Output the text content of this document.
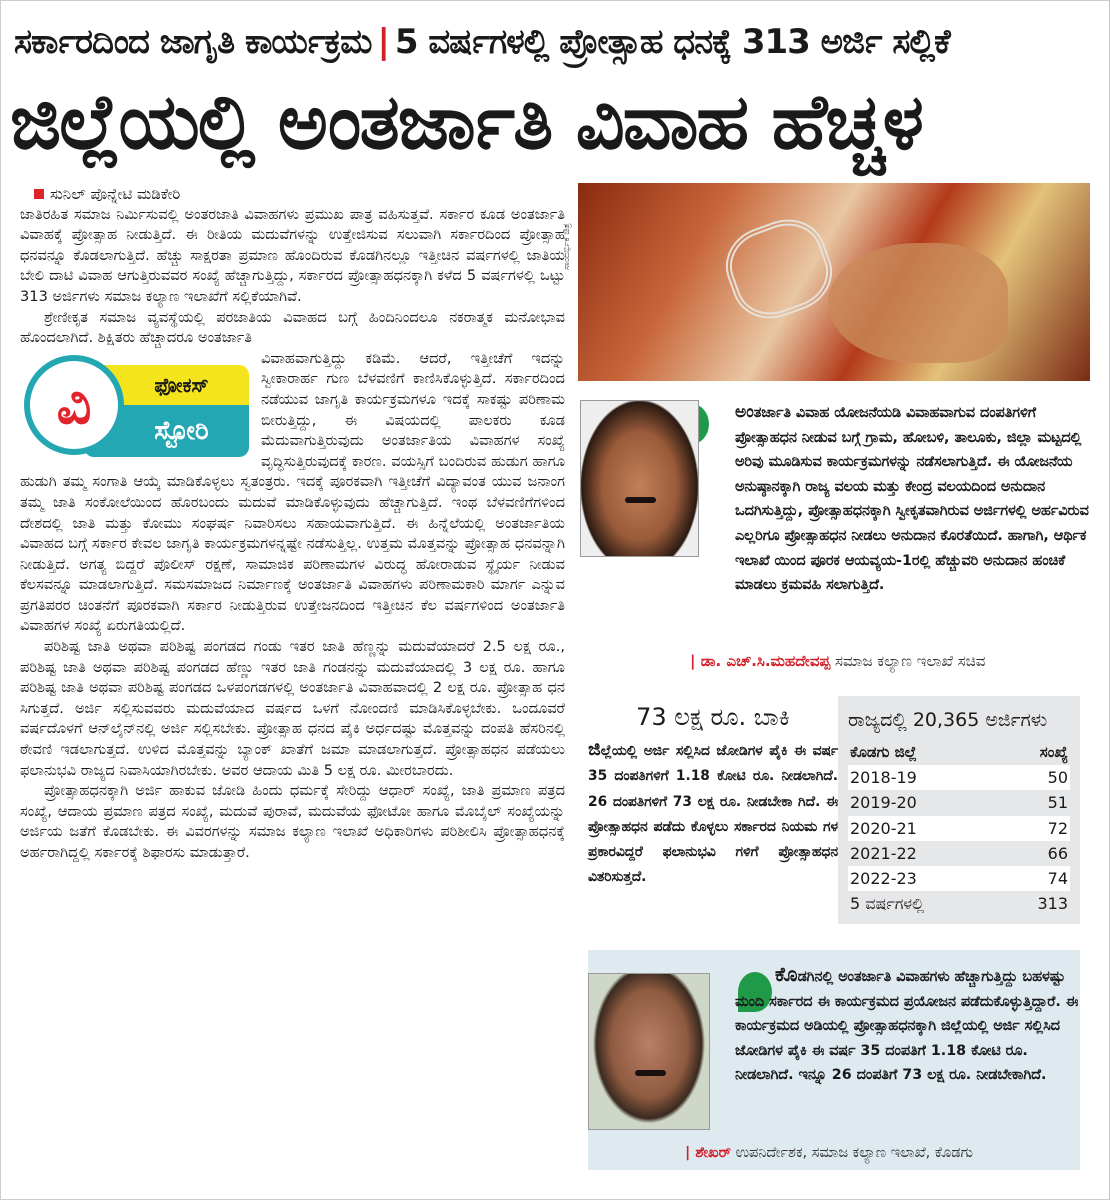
ಸರ್ಕಾರದಿಂದ ಜಾಗೃತಿ ಕಾರ್ಯಕ್ರಮ | 5 ವರ್ಷಗಳಲ್ಲಿ ಪ್ರೋತ್ಸಾಹ ಧನಕ್ಕೆ 313 ಅರ್ಜಿ ಸಲ್ಲಿಕೆ
ಜಿಲ್ಲೆಯಲ್ಲಿ ಅಂತರ್ಜಾತಿ ವಿವಾಹ ಹೆಚ್ಚಳ
ಸುನಿಲ್ ಪೊನ್ನೇಟಿ ಮಡಿಕೇರಿ

ಜಾತಿರಹಿತ ಸಮಾಜ ನಿರ್ಮಿಸುವಲ್ಲಿ ಅಂತರಜಾತಿ ವಿವಾಹಗಳು ಪ್ರಮುಖ ಪಾತ್ರ ವಹಿಸುತ್ತವೆ. ಸರ್ಕಾರ ಕೂಡ ಅಂತರ್ಜಾತಿ ವಿವಾಹಕ್ಕೆ ಪ್ರೋತ್ಸಾಹ ನೀಡುತ್ತಿದೆ. ಈ ರೀತಿಯ ಮದುವೆಗಳನ್ನು ಉತ್ತೇಜಿಸುವ ಸಲುವಾಗಿ ಸರ್ಕಾರದಿಂದ ಪ್ರೋತ್ಸಾಹ ಧನವನ್ನೂ ಕೊಡಲಾಗುತ್ತಿದೆ. ಹೆಚ್ಚು ಸಾಕ್ಷರತಾ ಪ್ರಮಾಣ ಹೊಂದಿರುವ ಕೊಡಗಿನಲ್ಲೂ ಇತ್ತೀಚಿನ ವರ್ಷಗಳಲ್ಲಿ ಜಾತಿಯ ಬೇಲಿ ದಾಟಿ ವಿವಾಹ ಆಗುತ್ತಿರುವವರ ಸಂಖ್ಯೆ ಹೆಚ್ಚಾಗುತ್ತಿದ್ದು, ಸರ್ಕಾರದ ಪ್ರೋತ್ಸಾಹಧನಕ್ಕಾಗಿ ಕಳೆದ 5 ವರ್ಷಗಳಲ್ಲಿ ಒಟ್ಟು 313 ಅರ್ಜಿಗಳು ಸಮಾಜ ಕಲ್ಯಾಣ ಇಲಾಖೆಗೆ ಸಲ್ಲಿಕೆಯಾಗಿವೆ.

ಶ್ರೇಣೀಕೃತ ಸಮಾಜ ವ್ಯವಸ್ಥೆಯಲ್ಲಿ ಪರಜಾತಿಯ ವಿವಾಹದ ಬಗ್ಗೆ ಹಿಂದಿನಿಂದಲೂ ನಕರಾತ್ಮಕ ಮನೋಭಾವ ಹೊಂದಲಾಗಿದೆ. ಶಿಕ್ಷಿತರು ಹೆಚ್ಚಾದರೂ ಅಂತರ್ಜಾತಿ

ಫೋಕಸ್
ಸ್ಟೋರಿ
ವಿ

ವಿವಾಹವಾಗುತ್ತಿದ್ದು ಕಡಿಮೆ. ಆದರೆ, ಇತ್ತೀಚೆಗೆ ಇದನ್ನು ಸ್ವೀಕಾರಾರ್ಹ ಗುಣ ಬೆಳವಣಿಗೆ ಕಾಣಿಸಿಕೊಳ್ಳುತ್ತಿದೆ. ಸರ್ಕಾರದಿಂದ ನಡೆಯುವ ಜಾಗೃತಿ ಕಾರ್ಯಕ್ರಮಗಳೂ ಇದಕ್ಕೆ ಸಾಕಷ್ಟು ಪರಿಣಾಮ ಬೀರುತ್ತಿದ್ದು, ಈ ವಿಷಯದಲ್ಲಿ ಪಾಲಕರು ಕೂಡ ಮೆದುವಾಗುತ್ತಿರುವುದು ಅಂತರ್ಜಾತಿಯ ವಿವಾಹಗಳ ಸಂಖ್ಯೆ ವೃದ್ಧಿಸುತ್ತಿರುವುದಕ್ಕೆ ಕಾರಣ. ವಯಸ್ಸಿಗೆ ಬಂದಿರುವ ಹುಡುಗ ಹಾಗೂ ಹುಡುಗಿ ತಮ್ಮ ಸಂಗಾತಿ ಆಯ್ಕೆ ಮಾಡಿಕೊಳ್ಳಲು ಸ್ವತಂತ್ರರು. ಇದಕ್ಕೆ ಪೂರಕವಾಗಿ ಇತ್ತೀಚೆಗೆ ವಿದ್ಯಾವಂತ ಯುವ ಜನಾಂಗ ತಮ್ಮ ಜಾತಿ ಸಂಕೋಲೆಯಿಂದ ಹೊರಬಂದು ಮದುವೆ ಮಾಡಿಕೊಳ್ಳುವುದು ಹೆಚ್ಚಾಗುತ್ತಿದೆ. ಇಂಥ ಬೆಳವಣಿಗೆಗಳಿಂದ ದೇಶದಲ್ಲಿ ಜಾತಿ ಮತ್ತು ಕೋಮು ಸಂಘರ್ಷ ನಿವಾರಿಸಲು ಸಹಾಯವಾಗುತ್ತಿದೆ. ಈ ಹಿನ್ನೆಲೆಯಲ್ಲಿ ಅಂತರ್ಜಾತಿಯ ವಿವಾಹದ ಬಗ್ಗೆ ಸರ್ಕಾರ ಕೇವಲ ಜಾಗೃತಿ ಕಾರ್ಯಕ್ರಮಗಳನ್ನಷ್ಟೇ ನಡೆಸುತ್ತಿಲ್ಲ. ಉತ್ತಮ ಮೊತ್ತವನ್ನು ಪ್ರೋತ್ಸಾಹ ಧನವನ್ನಾಗಿ ನೀಡುತ್ತಿದೆ. ಅಗತ್ಯ ಬಿದ್ದರೆ ಪೊಲೀಸ್ ರಕ್ಷಣೆ, ಸಾಮಾಜಿಕ ಪರಿಣಾಮಗಳ ವಿರುದ್ಧ ಹೋರಾಡುವ ಸ್ಥೈರ್ಯ ನೀಡುವ ಕೆಲಸವನ್ನೂ ಮಾಡಲಾಗುತ್ತಿದೆ. ಸಮಸಮಾಜದ ನಿರ್ಮಾಣಕ್ಕೆ ಅಂತರ್ಜಾತಿ ವಿವಾಹಗಳು ಪರಿಣಾಮಕಾರಿ ಮಾರ್ಗ ಎನ್ನುವ ಪ್ರಗತಿಪರರ ಚಿಂತನೆಗೆ ಪೂರಕವಾಗಿ ಸರ್ಕಾರ ನೀಡುತ್ತಿರುವ ಉತ್ತೇಜನದಿಂದ ಇತ್ತೀಚಿನ ಕೆಲ ವರ್ಷಗಳಿಂದ ಅಂತರ್ಜಾತಿ ವಿವಾಹಗಳ ಸಂಖ್ಯೆ ಏರುಗತಿಯಲ್ಲಿದೆ.

ಪರಿಶಿಷ್ಟ ಜಾತಿ ಅಥವಾ ಪರಿಶಿಷ್ಟ ಪಂಗಡದ ಗಂಡು ಇತರ ಜಾತಿ ಹೆಣ್ಣನ್ನು ಮದುವೆಯಾದರೆ 2.5 ಲಕ್ಷ ರೂ., ಪರಿಶಿಷ್ಟ ಜಾತಿ ಅಥವಾ ಪರಿಶಿಷ್ಟ ಪಂಗಡದ ಹೆಣ್ಣು ಇತರ ಜಾತಿ ಗಂಡನನ್ನು ಮದುವೆಯಾದಲ್ಲಿ 3 ಲಕ್ಷ ರೂ. ಹಾಗೂ ಪರಿಶಿಷ್ಟ ಜಾತಿ ಅಥವಾ ಪರಿಶಿಷ್ಟ ಪಂಗಡದ ಒಳಪಂಗಡಗಳಲ್ಲಿ ಅಂತರ್ಜಾತಿ ವಿವಾಹವಾದಲ್ಲಿ 2 ಲಕ್ಷ ರೂ. ಪ್ರೋತ್ಸಾಹ ಧನ ಸಿಗುತ್ತದೆ. ಅರ್ಜಿ ಸಲ್ಲಿಸುವವರು ಮದುವೆಯಾದ ವರ್ಷದ ಒಳಗೆ ನೋಂದಣಿ ಮಾಡಿಸಿಕೊಳ್ಳಬೇಕು. ಒಂದೂವರೆ ವರ್ಷದೊಳಗೆ ಆನ್‌ಲೈನ್‌ನಲ್ಲಿ ಅರ್ಜಿ ಸಲ್ಲಿಸಬೇಕು. ಪ್ರೋತ್ಸಾಹ ಧನದ ಪೈಕಿ ಅರ್ಧದಷ್ಟು ಮೊತ್ತವನ್ನು ದಂಪತಿ ಹೆಸರಿನಲ್ಲಿ ಠೇವಣಿ ಇಡಲಾಗುತ್ತದೆ. ಉಳಿದ ಮೊತ್ತವನ್ನು ಬ್ಯಾಂಕ್ ಖಾತೆಗೆ ಜಮಾ ಮಾಡಲಾಗುತ್ತದೆ. ಪ್ರೋತ್ಸಾಹಧನ ಪಡೆಯಲು ಫಲಾನುಭವಿ ರಾಜ್ಯದ ನಿವಾಸಿಯಾಗಿರಬೇಕು. ಅವರ ಆದಾಯ ಮಿತಿ 5 ಲಕ್ಷ ರೂ. ಮೀರಬಾರದು.

ಪ್ರೋತ್ಸಾಹಧನಕ್ಕಾಗಿ ಅರ್ಜಿ ಹಾಕುವ ಜೋಡಿ ಹಿಂದು ಧರ್ಮಕ್ಕೆ ಸೇರಿದ್ದು ಆಧಾರ್ ಸಂಖ್ಯೆ, ಜಾತಿ ಪ್ರಮಾಣ ಪತ್ರದ ಸಂಖ್ಯೆ, ಆದಾಯ ಪ್ರಮಾಣ ಪತ್ರದ ಸಂಖ್ಯೆ, ಮದುವೆ ಪುರಾವೆ, ಮದುವೆಯ ಫೋಟೋ ಹಾಗೂ ಮೊಬೈಲ್ ಸಂಖ್ಯೆಯನ್ನು ಅರ್ಜಿಯ ಜತೆಗೆ ಕೊಡಬೇಕು. ಈ ವಿವರಗಳನ್ನು ಸಮಾಜ ಕಲ್ಯಾಣ ಇಲಾಖೆ ಅಧಿಕಾರಿಗಳು ಪರಿಶೀಲಿಸಿ ಪ್ರೋತ್ಸಾಹಧನಕ್ಕೆ ಅರ್ಹರಾಗಿದ್ದಲ್ಲಿ ಸರ್ಕಾರಕ್ಕೆ ಶಿಫಾರಸು ಮಾಡುತ್ತಾರೆ.

ಸಾಂದರ್ಭಿಕ ಚಿತ್ರ
ಅಂತರ್ಜಾತಿ ವಿವಾಹ ಯೋಜನೆಯಡಿ ವಿವಾಹವಾಗುವ ದಂಪತಿಗಳಿಗೆ ಪ್ರೋತ್ಸಾಹಧನ ನೀಡುವ ಬಗ್ಗೆ ಗ್ರಾಮ, ಹೋಬಳಿ, ತಾಲೂಕು, ಜಿಲ್ಲಾ ಮಟ್ಟದಲ್ಲಿ ಅರಿವು ಮೂಡಿಸುವ ಕಾರ್ಯಕ್ರಮಗಳನ್ನು ನಡೆಸಲಾಗುತ್ತಿದೆ. ಈ ಯೋಜನೆಯ ಅನುಷ್ಠಾನಕ್ಕಾಗಿ ರಾಜ್ಯ ವಲಯ ಮತ್ತು ಕೇಂದ್ರ ವಲಯದಿಂದ ಅನುದಾನ ಒದಗಿಸುತ್ತಿದ್ದು, ಪ್ರೋತ್ಸಾಹಧನಕ್ಕಾಗಿ ಸ್ವೀಕೃತವಾಗಿರುವ ಅರ್ಜಿಗಳಲ್ಲಿ ಅರ್ಹವಿರುವ ಎಲ್ಲರಿಗೂ ಪ್ರೋತ್ಸಾಹಧನ ನೀಡಲು ಅನುದಾನ ಕೊರತೆಯಿದೆ. ಹಾಗಾಗಿ, ಆರ್ಥಿಕ ಇಲಾಖೆ ಯಿಂದ ಪೂರಕ ಆಯವ್ಯಯ-1ರಲ್ಲಿ ಹೆಚ್ಚುವರಿ ಅನುದಾನ ಹಂಚಿಕೆ ಮಾಡಲು ಕ್ರಮವಹಿ ಸಲಾಗುತ್ತಿದೆ.
| ಡಾ. ಎಚ್.ಸಿ.ಮಹದೇವಪ್ಪ ಸಮಾಜ ಕಲ್ಯಾಣ ಇಲಾಖೆ ಸಚಿವ
73 ಲಕ್ಷ ರೂ. ಬಾಕಿ
ಜಿಲ್ಲೆಯಲ್ಲಿ ಅರ್ಜಿ ಸಲ್ಲಿಸಿದ ಜೋಡಿಗಳ ಪೈಕಿ ಈ ವರ್ಷ 35 ದಂಪತಿಗಳಿಗೆ 1.18 ಕೋಟಿ ರೂ. ನೀಡಲಾಗಿದೆ. 26 ದಂಪತಿಗಳಿಗೆ 73 ಲಕ್ಷ ರೂ. ನೀಡಬೇಕಾ ಗಿದೆ. ಈ ಪ್ರೋತ್ಸಾಹಧನ ಪಡೆದು ಕೊಳ್ಳಲು ಸರ್ಕಾರದ ನಿಯಮ ಗಳ ಪ್ರಕಾರವಿದ್ದರೆ ಫಲಾನುಭವಿ ಗಳಿಗೆ ಪ್ರೋತ್ಸಾಹಧನ ವಿತರಿಸುತ್ತದೆ.
ರಾಜ್ಯದಲ್ಲಿ 20,365 ಅರ್ಜಿಗಳು
ಕೊಡಗು ಜಿಲ್ಲೆ	ಸಂಖ್ಯೆ
2018-19	50
2019-20	51
2020-21	72
2021-22	66
2022-23	74
5 ವರ್ಷಗಳಲ್ಲಿ	313
ಕೊಡಗಿನಲ್ಲಿ ಅಂತರ್ಜಾತಿ ವಿವಾಹಗಳು ಹೆಚ್ಚಾಗುತ್ತಿದ್ದು ಬಹಳಷ್ಟು ಮಂದಿ ಸರ್ಕಾರದ ಈ ಕಾರ್ಯಕ್ರಮದ ಪ್ರಯೋಜನ ಪಡೆದುಕೊಳ್ಳುತ್ತಿದ್ದಾರೆ. ಈ ಕಾರ್ಯಕ್ರಮದ ಅಡಿಯಲ್ಲಿ ಪ್ರೋತ್ಸಾಹಧನಕ್ಕಾಗಿ ಜಿಲ್ಲೆಯಲ್ಲಿ ಅರ್ಜಿ ಸಲ್ಲಿಸಿದ ಜೋಡಿಗಳ ಪೈಕಿ ಈ ವರ್ಷ 35 ದಂಪತಿಗೆ 1.18 ಕೋಟಿ ರೂ. ನೀಡಲಾಗಿದೆ. ಇನ್ನೂ 26 ದಂಪತಿಗೆ 73 ಲಕ್ಷ ರೂ. ನೀಡಬೇಕಾಗಿದೆ.
| ಶೇಖರ್ ಉಪನಿರ್ದೇಶಕ, ಸಮಾಜ ಕಲ್ಯಾಣ ಇಲಾಖೆ, ಕೊಡಗು
